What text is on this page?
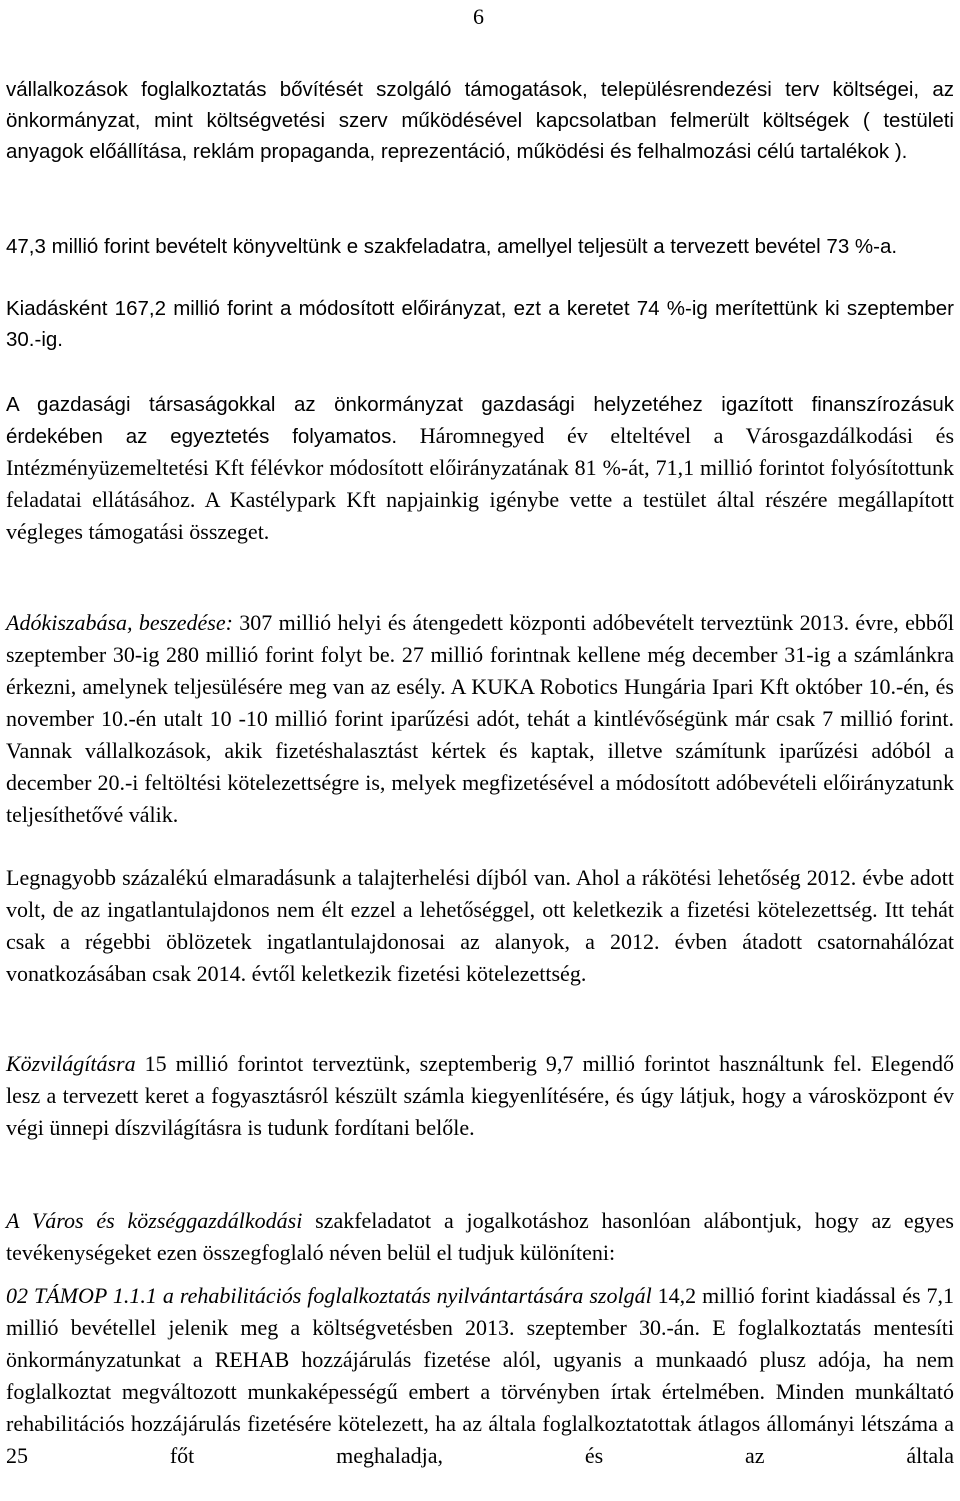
6

vállalkozások foglalkoztatás bővítését szolgáló támogatások, településrendezési terv költségei, az önkormányzat, mint költségvetési szerv működésével kapcsolatban felmerült költségek ( testületi anyagok előállítása, reklám propaganda, reprezentáció, működési és felhalmozási célú tartalékok ).

47,3 millió forint bevételt könyveltünk e szakfeladatra, amellyel teljesült a tervezett bevétel 73 %-a.

Kiadásként 167,2 millió forint a módosított előirányzat, ezt a keretet 74 %-ig merítettünk ki szeptember 30.-ig.

A gazdasági társaságokkal az önkormányzat gazdasági helyzetéhez igazított finanszírozásuk érdekében az egyeztetés folyamatos. Háromnegyed év elteltével a Városgazdálkodási és Intézményüzemeltetési Kft félévkor módosított előirányzatának 81 %-át, 71,1 millió forintot folyósítottunk feladatai ellátásához. A Kastélypark Kft napjainkig igénybe vette a testület által részére megállapított végleges támogatási összeget.

Adókiszabása, beszedése: 307 millió helyi és átengedett központi adóbevételt terveztünk 2013. évre, ebből szeptember 30-ig 280 millió forint folyt be. 27 millió forintnak kellene még december 31-ig a számlánkra érkezni, amelynek teljesülésére meg van az esély. A KUKA Robotics Hungária Ipari Kft október 10.-én, és november 10.-én utalt 10 -10 millió forint iparűzési adót, tehát a kintlévőségünk már csak 7 millió forint. Vannak vállalkozások, akik fizetéshalasztást kértek és kaptak, illetve számítunk iparűzési adóból a december 20.-i feltöltési kötelezettségre is, melyek megfizetésével a módosított adóbevételi előirányzatunk teljesíthetővé válik.

Legnagyobb százalékú elmaradásunk a talajterhelési díjból van. Ahol a rákötési lehetőség 2012. évbe adott volt, de az ingatlantulajdonos nem élt ezzel a lehetőséggel, ott keletkezik a fizetési kötelezettség. Itt tehát csak a régebbi öblözetek ingatlantulajdonosai az alanyok, a 2012. évben átadott csatornahálózat vonatkozásában csak 2014. évtől keletkezik fizetési kötelezettség.

Közvilágításra 15 millió forintot terveztünk, szeptemberig 9,7 millió forintot használtunk fel. Elegendő lesz a tervezett keret a fogyasztásról készült számla kiegyenlítésére, és úgy látjuk, hogy a városközpont év végi ünnepi díszvilágításra is tudunk fordítani belőle.

A Város és községgazdálkodási szakfeladatot a jogalkotáshoz hasonlóan alábontjuk, hogy az egyes tevékenységeket ezen összegfoglaló néven belül el tudjuk különíteni:

02 TÁMOP 1.1.1 a rehabilitációs foglalkoztatás nyilvántartására szolgál 14,2 millió forint kiadással és 7,1 millió bevétellel jelenik meg a költségvetésben 2013. szeptember 30.-án. E foglalkoztatás mentesíti önkormányzatunkat a REHAB hozzájárulás fizetése alól, ugyanis a munkaadó plusz adója, ha nem foglalkoztat megváltozott munkaképességű embert a törvényben írtak értelmében. Minden munkáltató rehabilitációs hozzájárulás fizetésére kötelezett, ha az általa foglalkoztatottak átlagos állományi létszáma a 25 főt meghaladja, és az általa
